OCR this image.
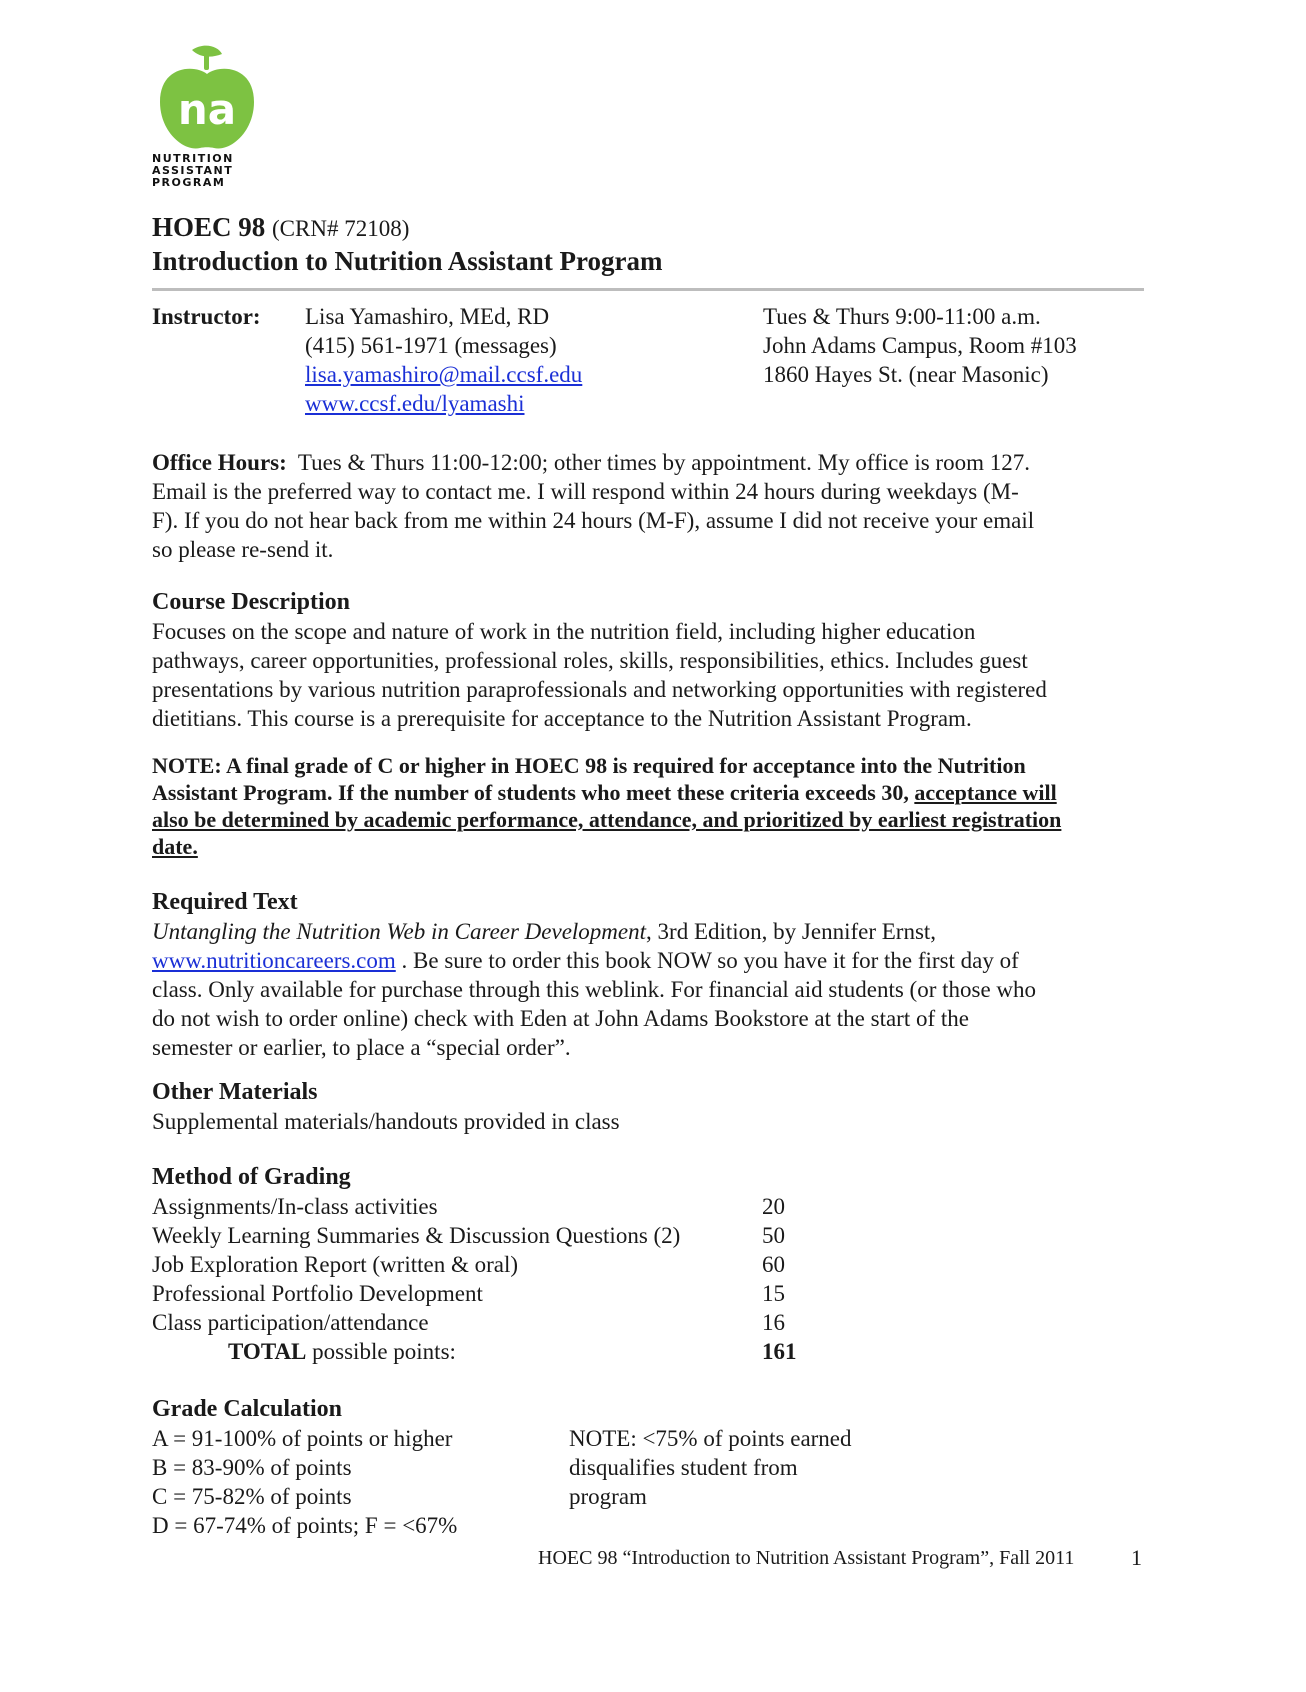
na
NUTRITION
ASSISTANT
PROGRAM
HOEC 98 (CRN# 72108)
Introduction to Nutrition Assistant Program
Instructor: Lisa Yamashiro, MEd, RD
(415) 561-1971 (messages)
lisa.yamashiro@mail.ccsf.edu
www.ccsf.edu/lyamashi
Tues & Thurs 9:00-11:00 a.m.
John Adams Campus, Room #103
1860 Hayes St. (near Masonic)
Office Hours: Tues & Thurs 11:00-12:00; other times by appointment. My office is room 127.
Email is the preferred way to contact me. I will respond within 24 hours during weekdays (M-
F). If you do not hear back from me within 24 hours (M-F), assume I did not receive your email
so please re-send it.
Course Description
Focuses on the scope and nature of work in the nutrition field, including higher education
pathways, career opportunities, professional roles, skills, responsibilities, ethics. Includes guest
presentations by various nutrition paraprofessionals and networking opportunities with registered
dietitians. This course is a prerequisite for acceptance to the Nutrition Assistant Program.
NOTE: A final grade of C or higher in HOEC 98 is required for acceptance into the Nutrition
Assistant Program. If the number of students who meet these criteria exceeds 30, acceptance will
also be determined by academic performance, attendance, and prioritized by earliest registration
date.
Required Text
Untangling the Nutrition Web in Career Development, 3rd Edition, by Jennifer Ernst,
www.nutritioncareers.com . Be sure to order this book NOW so you have it for the first day of
class. Only available for purchase through this weblink. For financial aid students (or those who
do not wish to order online) check with Eden at John Adams Bookstore at the start of the
semester or earlier, to place a “special order”.
Other Materials
Supplemental materials/handouts provided in class
Method of Grading
Assignments/In-class activities	20
Weekly Learning Summaries & Discussion Questions (2)	50
Job Exploration Report (written & oral)	60
Professional Portfolio Development	15
Class participation/attendance	16
TOTAL possible points:	161
Grade Calculation
A = 91-100% of points or higher
B = 83-90% of points
C = 75-82% of points
D = 67-74% of points; F = <67%
NOTE: <75% of points earned
disqualifies student from
program
HOEC 98 “Introduction to Nutrition Assistant Program”, Fall 2011	1
